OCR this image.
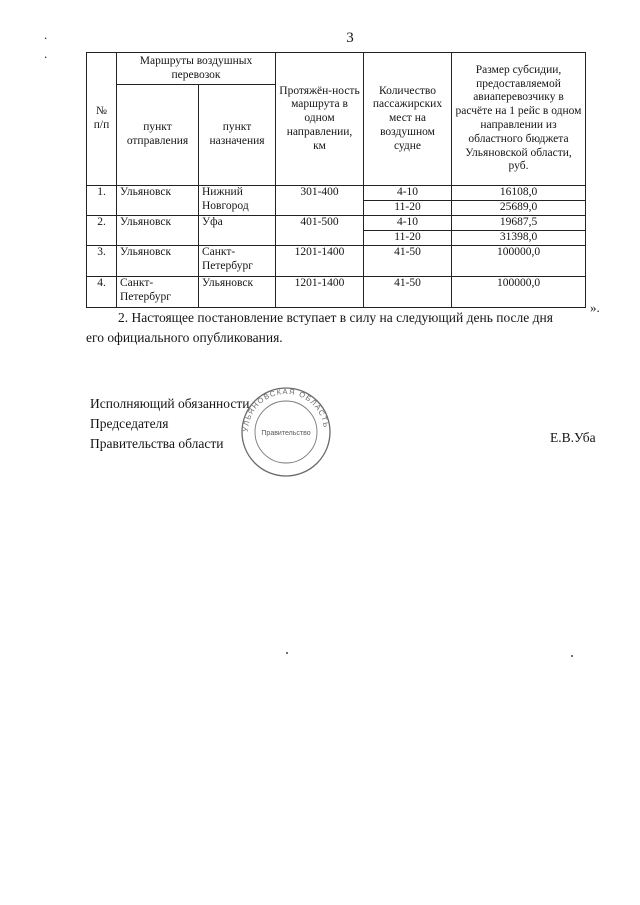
3
.
.
№ п/п	Маршруты воздушных перевозок		Протяжён-ность маршрута в одном направлении, км	Количество пассажирских мест на воздушном судне	Размер субсидии, предоставляемой авиаперевозчику в расчёте на 1 рейс в одном направлении из областного бюджета Ульяновской области, руб.
	пункт отправления	пункт назначения			
1.	Ульяновск	Нижний Новгород	301-400	4-10	16108,0
				11-20	25689,0
2.	Ульяновск	Уфа	401-500	4-10	19687,5
				11-20	31398,0
3.	Ульяновск	Санкт-Петербург	1201-1400	41-50	100000,0
4.	Санкт-Петербург	Ульяновск	1201-1400	41-50	100000,0
».
2. Настоящее постановление вступает в силу на следующий день после дня
его официального опубликования.
УЛЬЯНОВСКАЯ ОБЛАСТЬ
Правительство
Исполняющий обязанности
Председателя
Правительства области	Е.В.Уба
